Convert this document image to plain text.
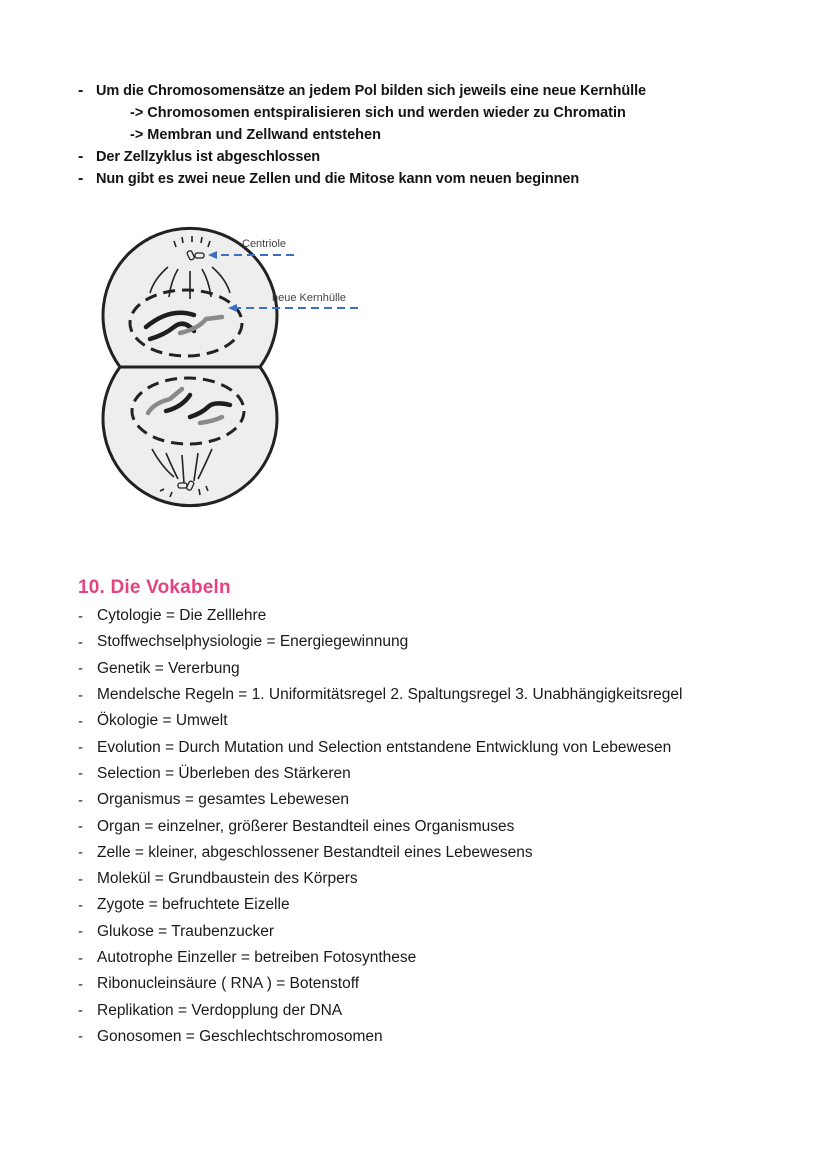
- Um die Chromosomensätze an jedem Pol bilden sich jeweils eine neue Kernhülle
-> Chromosomen entspiralisieren sich und werden wieder zu Chromatin
-> Membran und Zellwand entstehen
- Der Zellzyklus ist abgeschlossen
- Nun gibt es zwei neue Zellen und die Mitose kann vom neuen beginnen
Centriole
neue Kernhülle
10. Die Vokabeln
- Cytologie = Die Zelllehre
- Stoffwechselphysiologie = Energiegewinnung
- Genetik = Vererbung
- Mendelsche Regeln = 1. Uniformitätsregel 2. Spaltungsregel 3. Unabhängigkeitsregel
- Ökologie = Umwelt
- Evolution = Durch Mutation und Selection entstandene Entwicklung von Lebewesen
- Selection = Überleben des Stärkeren
- Organismus = gesamtes Lebewesen
- Organ = einzelner, größerer Bestandteil eines Organismuses
- Zelle = kleiner, abgeschlossener Bestandteil eines Lebewesens
- Molekül = Grundbaustein des Körpers
- Zygote = befruchtete Eizelle
- Glukose = Traubenzucker
- Autotrophe Einzeller = betreiben Fotosynthese
- Ribonucleinsäure ( RNA ) = Botenstoff
- Replikation = Verdopplung der DNA
- Gonosomen = Geschlechtschromosomen
